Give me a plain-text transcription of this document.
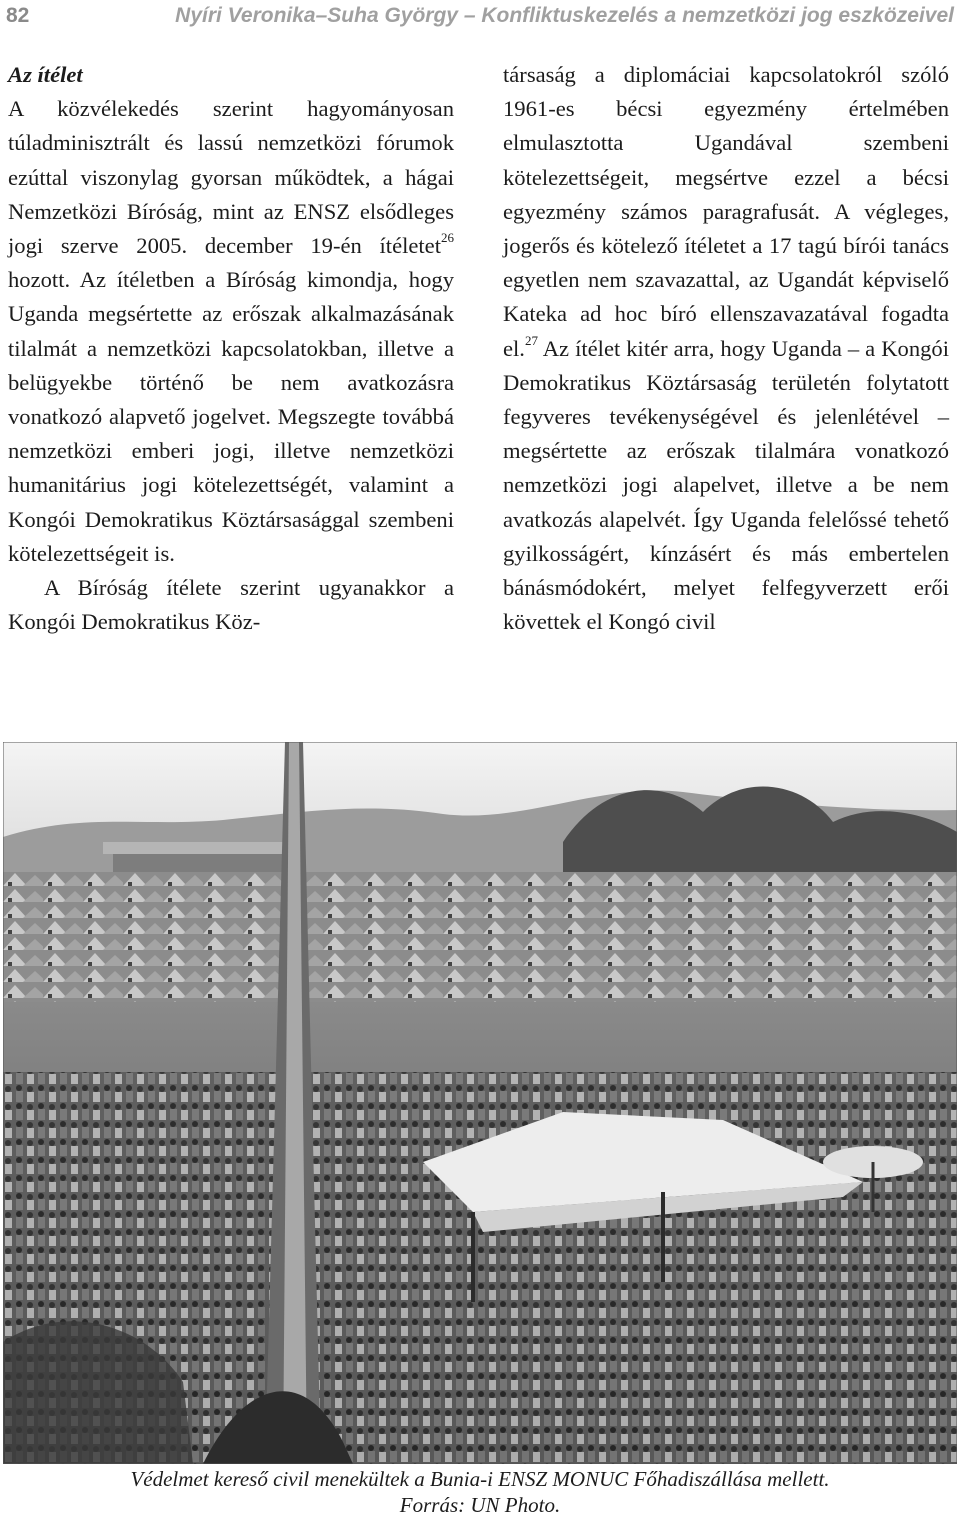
82	Nyíri Veronika–Suha György – Konfliktuskezelés a nemzetközi jog eszközeivel
Az ítélet

A közvélekedés szerint hagyományosan túladminisztrált és lassú nemzetközi fórumok ezúttal viszonylag gyorsan működtek, a hágai Nemzetközi Bíróság, mint az ENSZ elsődleges jogi szerve 2005. december 19-én ítéletet$^{26}$ hozott. Az ítéletben a Bíróság kimondja, hogy Uganda megsértette az erőszak alkalmazásának tilalmát a nemzetközi kapcsolatokban, illetve a belügyekbe történő be nem avatkozásra vonatkozó alapvető jogelvet. Megszegte továbbá nemzetközi emberi jogi, illetve nemzetközi humanitárius jogi kötelezettségét, valamint a Kongói Demokratikus Köztársasággal szembeni kötelezettségeit is.

A Bíróság ítélete szerint ugyanakkor a Kongói Demokratikus Köz-

társaság a diplomáciai kapcsolatokról szóló 1961-es bécsi egyezmény értelmében elmulasztotta Ugandával szembeni kötelezettségeit, megsértve ezzel a bécsi egyezmény számos paragrafusát. A végleges, jogerős és kötelező ítéletet a 17 tagú bírói tanács egyetlen nem szavazattal, az Ugandát képviselő Kateka ad hoc bíró ellenszavazatával fogadta el.$^{27}$ Az ítélet kitér arra, hogy Uganda – a Kongói Demokratikus Köztársaság területén folytatott fegyveres tevékenységével és jelenlétével – megsértette az erőszak tilalmára vonatkozó nemzetközi jogi alapelvet, illetve a be nem avatkozás alapelvét. Így Uganda felelőssé tehető gyilkosságért, kínzásért és más embertelen bánásmódokért, melyet felfegyverzett erői követtek el Kongó civil

Védelmet kereső civil menekültek a Bunia-i ENSZ MONUC Főhadiszállása mellett.
Forrás: UN Photo.
